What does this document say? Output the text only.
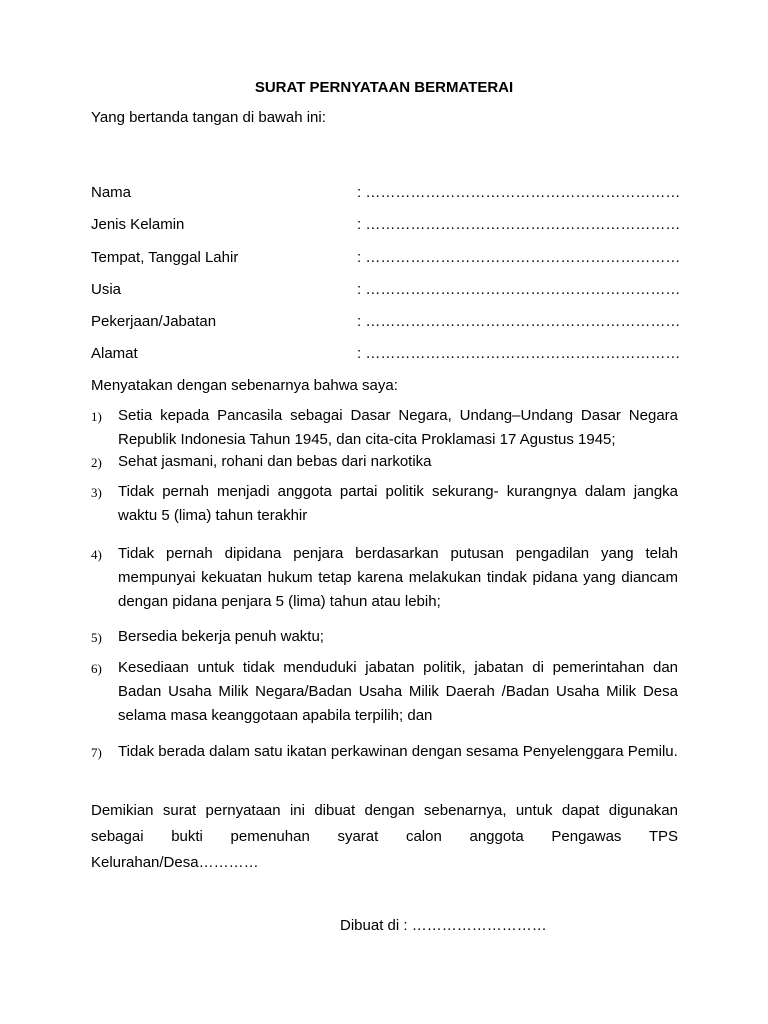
SURAT PERNYATAAN BERMATERAI
Yang bertanda tangan di bawah ini:
Nama	: ………………………………………………………
Jenis Kelamin	: ………………………………………………………
Tempat, Tanggal Lahir	: ………………………………………………………
Usia	: ………………………………………………………
Pekerjaan/Jabatan	: ………………………………………………………
Alamat	: ………………………………………………………
Menyatakan dengan sebenarnya bahwa saya:
1) Setia kepada Pancasila sebagai Dasar Negara, Undang–Undang Dasar Negara Republik Indonesia Tahun 1945, dan cita-cita Proklamasi 17 Agustus 1945;
2) Sehat jasmani, rohani dan bebas dari narkotika
3) Tidak pernah menjadi anggota partai politik sekurang- kurangnya dalam jangka waktu 5 (lima) tahun terakhir
4) Tidak pernah dipidana penjara berdasarkan putusan pengadilan yang telah mempunyai kekuatan hukum tetap karena melakukan tindak pidana yang diancam dengan pidana penjara 5 (lima) tahun atau lebih;
5) Bersedia bekerja penuh waktu;
6) Kesediaan untuk tidak menduduki jabatan politik, jabatan di pemerintahan dan Badan Usaha Milik Negara/Badan Usaha Milik Daerah /Badan Usaha Milik Desa selama masa keanggotaan apabila terpilih; dan
7) Tidak berada dalam satu ikatan perkawinan dengan sesama Penyelenggara Pemilu.
Demikian surat pernyataan ini dibuat dengan sebenarnya, untuk dapat digunakan sebagai bukti pemenuhan syarat calon anggota Pengawas TPS Kelurahan/Desa…………
Dibuat di : ………………………
